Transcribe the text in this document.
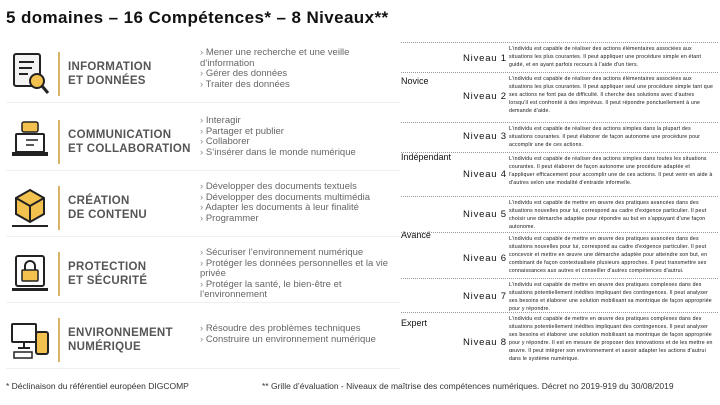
5 domaines – 16 Compétences* – 8 Niveaux**
INFORMATION
ET DONNÉES
› Mener une recherche et une veille d’information
› Gérer des données
› Traiter des données
COMMUNICATION
ET COLLABORATION
› Interagir
› Partager et publier
› Collaborer
› S’insérer dans le monde numérique
CRÉATION
DE CONTENU
› Développer des documents textuels
› Développer des documents multimédia
› Adapter les documents à leur finalité
› Programmer
PROTECTION
ET SÉCURITÉ
› Sécuriser l’environnement numérique
› Protéger les données personnelles et la vie privée
› Protéger la santé, le bien-être et l’environnement
ENVIRONNEMENT
NUMÉRIQUE
› Résoudre des problèmes techniques
› Construire un environnement numérique
Novice
Indépendant
Avancé
Expert
Niveau 1
L'individu est capable de réaliser des actions élémentaires associées aux situations les plus courantes. Il peut appliquer une procédure simple en étant guidé, et en ayant parfois recours à l'aide d'un tiers.
Niveau 2
L'individu est capable de réaliser des actions élémentaires associées aux situations les plus courantes. Il peut appliquer seul une procédure simple tant que ses actions ne font pas de difficulté. Il cherche des solutions avec d'autres lorsqu'il est confronté à des imprévus. Il peut répondre ponctuellement à une demande d'aide.
Niveau 3
L'individu est capable de réaliser des actions simples dans la plupart des situations courantes. Il peut élaborer de façon autonome une procédure pour accomplir une de ces actions.
Niveau 4
L'individu est capable de réaliser des actions simples dans toutes les situations courantes. Il peut élaborer de façon autonome une procédure adaptée et l'appliquer efficacement pour accomplir une de ces actions. Il peut venir en aide à d'autres selon une modalité d'entraide informelle.
Niveau 5
L'individu est capable de mettre en œuvre des pratiques avancées dans des situations nouvelles pour lui, correspond au cadre d'exigence particulier. Il peut choisir une démarche adaptée pour répondre au but en s'appuyant d'une façon autonome.
Niveau 6
L'individu est capable de mettre en œuvre des pratiques avancées dans des situations nouvelles pour lui, correspond au cadre d'exigence particulier. Il peut concevoir et mettre en œuvre une démarche adaptée pour atteindre son but, en combinant de façon contextualisée plusieurs approches. Il peut transmettre ses connaissances aux autres et conseiller d'autres compétences d'autrui.
Niveau 7
L'individu est capable de mettre en œuvre des pratiques complexes dans des situations potentiellement inédites impliquant des contingences. Il peut analyser ses besoins et élaborer une solution mobilisant sa montrique de façon appropriée pour y répondre.
Niveau 8
L'individu est capable de mettre en œuvre des pratiques complexes dans des situations potentiellement inédites impliquant des contingences. Il peut analyser ses besoins et élaborer une solution mobilisant sa montrique de façon appropriée pour y répondre. Il est en mesure de proposer des innovations et de les mettre en œuvre. Il peut intégrer son environnement et savoir adapter les actions d'autrui dans le système numérique.
* Déclinaison du référentiel européen DIGCOMP	** Grille d’évaluation - Niveaux de maîtrise des compétences numériques. Décret no 2019-919 du 30/08/2019
